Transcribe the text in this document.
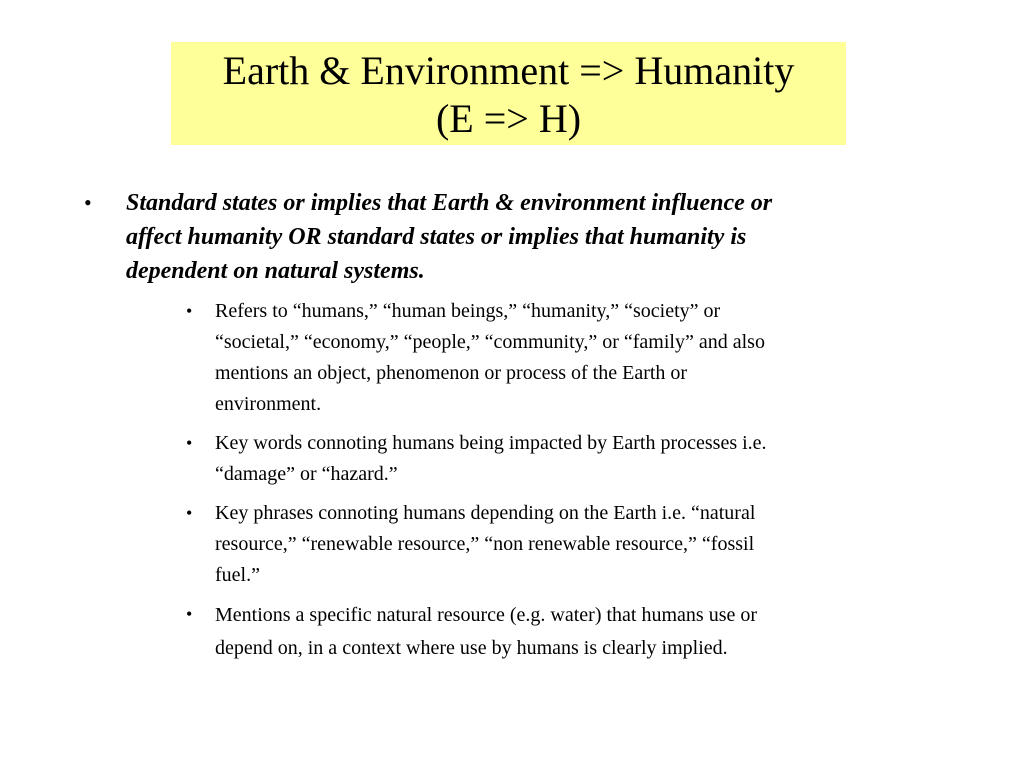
Earth & Environment => Humanity
(E => H)
• Standard states or implies that Earth & environment influence or
affect humanity OR standard states or implies that humanity is
dependent on natural systems.
• Refers to “humans,” “human beings,” “humanity,” “society” or
“societal,” “economy,” “people,” “community,” or “family” and also
mentions an object, phenomenon or process of the Earth or
environment.
• Key words connoting humans being impacted by Earth processes i.e.
“damage” or “hazard.”
• Key phrases connoting humans depending on the Earth i.e. “natural
resource,” “renewable resource,” “non renewable resource,” “fossil
fuel.”
• Mentions a specific natural resource (e.g. water) that humans use or
depend on, in a context where use by humans is clearly implied.
